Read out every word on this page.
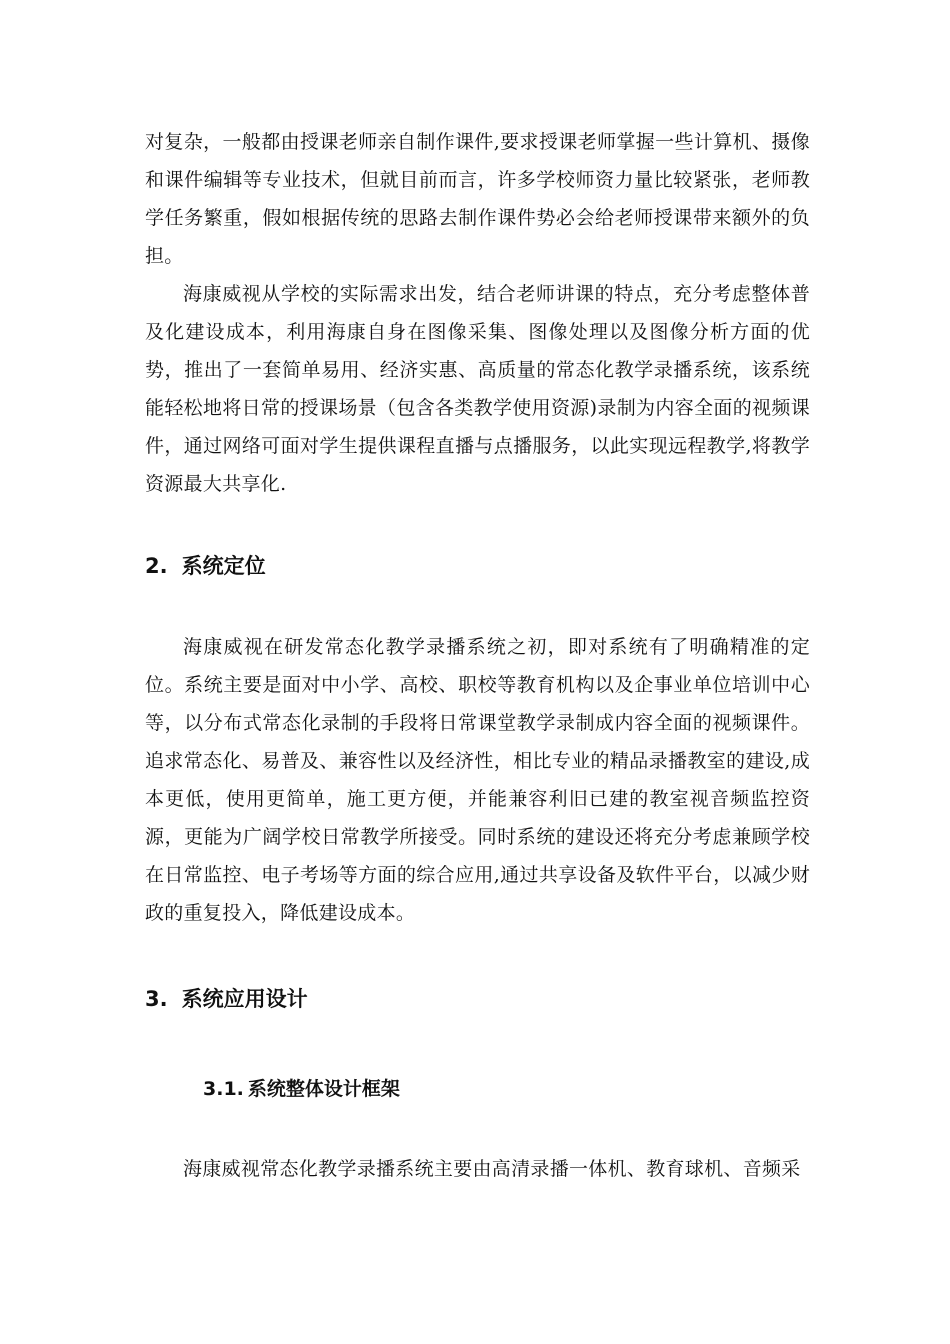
对复杂，一般都由授课老师亲自制作课件,要求授课老师掌握一些计算机、摄像和课件编辑等专业技术，但就目前而言，许多学校师资力量比较紧张，老师教学任务繁重，假如根据传统的思路去制作课件势必会给老师授课带来额外的负担。

海康威视从学校的实际需求出发，结合老师讲课的特点，充分考虑整体普及化建设成本，利用海康自身在图像采集、图像处理以及图像分析方面的优势，推出了一套简单易用、经济实惠、高质量的常态化教学录播系统，该系统能轻松地将日常的授课场景（包含各类教学使用资源)录制为内容全面的视频课件，通过网络可面对学生提供课程直播与点播服务，以此实现远程教学,将教学资源最大共享化.

2. 系统定位

海康威视在研发常态化教学录播系统之初，即对系统有了明确精准的定位。系统主要是面对中小学、高校、职校等教育机构以及企事业单位培训中心等，以分布式常态化录制的手段将日常课堂教学录制成内容全面的视频课件。追求常态化、易普及、兼容性以及经济性，相比专业的精品录播教室的建设,成本更低，使用更简单，施工更方便，并能兼容利旧已建的教室视音频监控资源，更能为广阔学校日常教学所接受。同时系统的建设还将充分考虑兼顾学校在日常监控、电子考场等方面的综合应用,通过共享设备及软件平台，以减少财政的重复投入，降低建设成本。

3. 系统应用设计
3.1. 系统整体设计框架

海康威视常态化教学录播系统主要由高清录播一体机、教育球机、音频采
